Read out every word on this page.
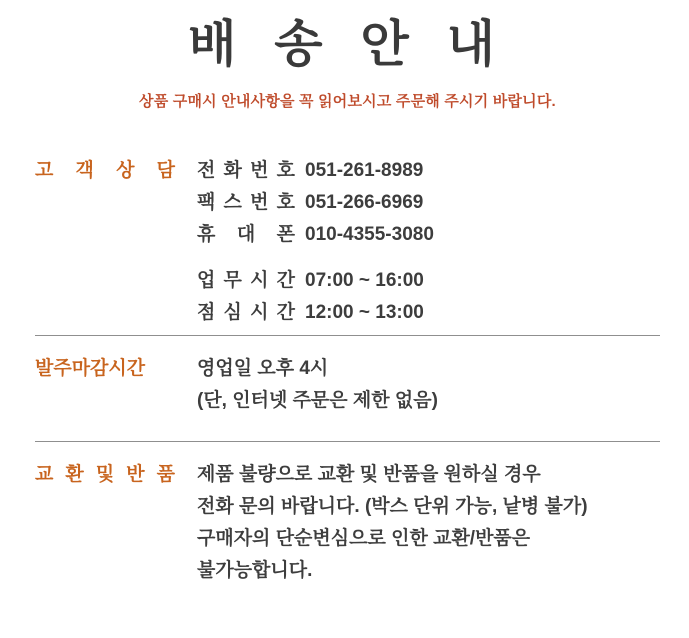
배 송 안 내
상품 구매시 안내사항을 꼭 읽어보시고 주문해 주시기 바랍니다.
고 객 상 담 전 화 번 호 051-261-8989
팩 스 번 호 051-266-6969
휴 대 폰 010-4355-3080
업 무 시 간 07:00 ~ 16:00
점 심 시 간 12:00 ~ 13:00
발주마감시간	영업일 오후 4시
(단, 인터넷 주문은 제한 없음)
교 환 및 반 품 제품 불량으로 교환 및 반품을 원하실 경우
전화 문의 바랍니다. (박스 단위 가능, 낱병 불가)
구매자의 단순변심으로 인한 교환/반품은
불가능합니다.
